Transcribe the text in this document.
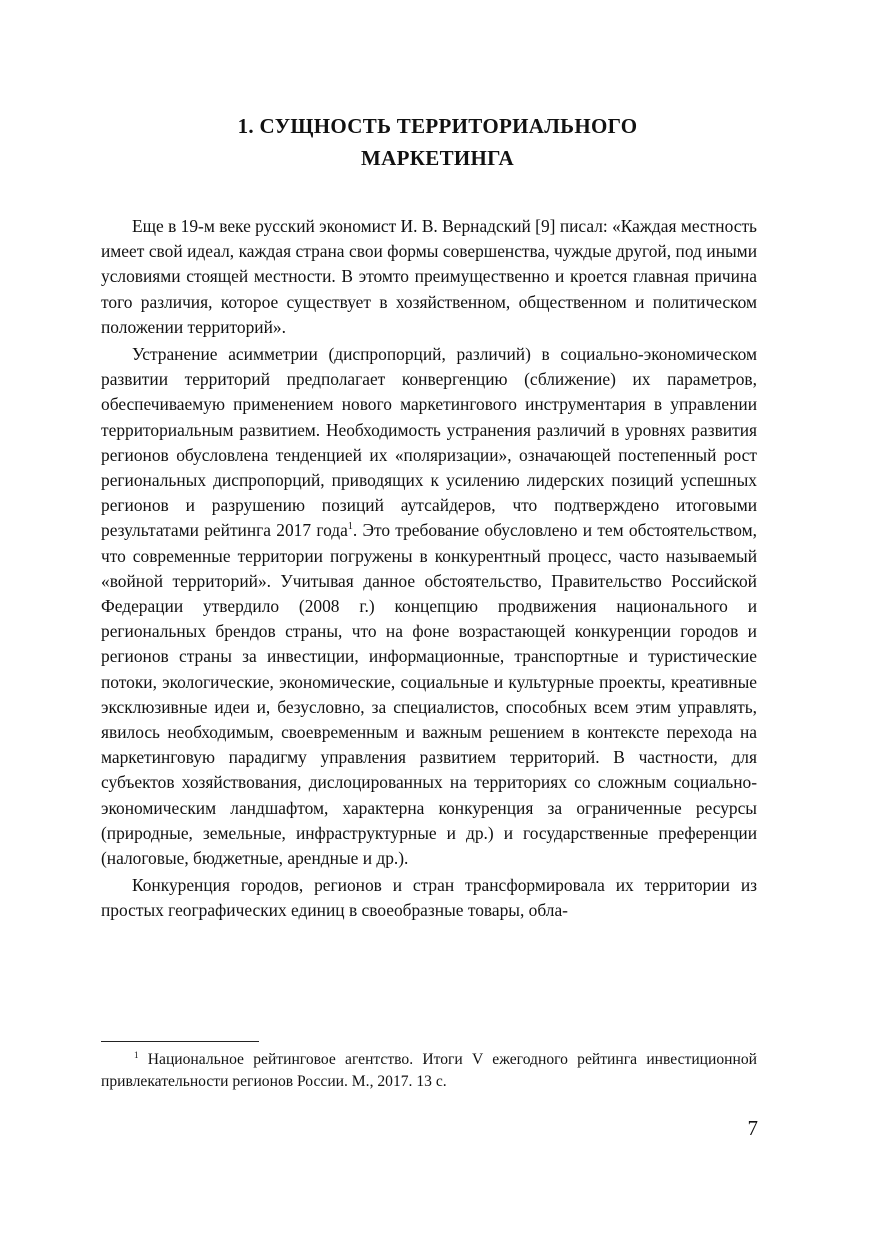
1. СУЩНОСТЬ ТЕРРИТОРИАЛЬНОГО
МАРКЕТИНГА

Еще в 19-м веке русский экономист И. В. Вернадский [9] писал: «Каждая местность имеет свой идеал, каждая страна свои формы совершенства, чуждые другой, под иными условиями стоящей местности. В этомто преимущественно и кроется главная причина того различия, которое существует в хозяйственном, общественном и политическом положении территорий».

Устранение асимметрии (диспропорций, различий) в социально-экономическом развитии территорий предполагает конвергенцию (сближение) их параметров, обеспечиваемую применением нового маркетингового инструментария в управлении территориальным развитием. Необходимость устранения различий в уровнях развития регионов обусловлена тенденцией их «поляризации», означающей постепенный рост региональных диспропорций, приводящих к усилению лидерских позиций успешных регионов и разрушению позиций аутсайдеров, что подтверждено итоговыми результатами рейтинга 2017 года$^1$. Это требование обусловлено и тем обстоятельством, что современные территории погружены в конкурентный процесс, часто называемый «войной территорий». Учитывая данное обстоятельство, Правительство Российской Федерации утвердило (2008 г.) концепцию продвижения национального и региональных брендов страны, что на фоне возрастающей конкуренции городов и регионов страны за инвестиции, информационные, транспортные и туристические потоки, экологические, экономические, социальные и культурные проекты, креативные эксклюзивные идеи и, безусловно, за специалистов, способных всем этим управлять, явилось необходимым, своевременным и важным решением в контексте перехода на маркетинговую парадигму управления развитием территорий. В частности, для субъектов хозяйствования, дислоцированных на территориях со сложным социально-экономическим ландшафтом, характерна конкуренция за ограниченные ресурсы (природные, земельные, инфраструктурные и др.) и государственные преференции (налоговые, бюджетные, арендные и др.).

Конкуренция городов, регионов и стран трансформировала их территории из простых географических единиц в своеобразные товары, обла-

$^1$ Национальное рейтинговое агентство. Итоги V ежегодного рейтинга инвестиционной привлекательности регионов России. М., 2017. 13 с.
7
